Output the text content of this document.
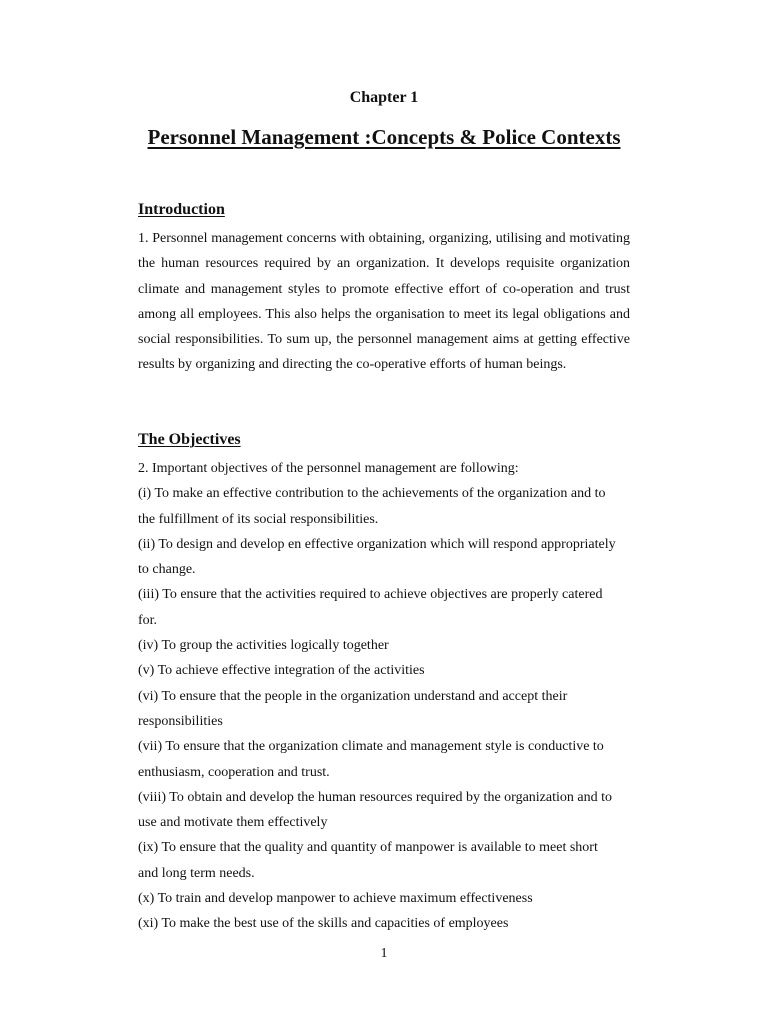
Chapter 1
Personnel Management :Concepts & Police Contexts
Introduction
1. Personnel management concerns with obtaining, organizing, utilising and motivating the human resources required by an organization. It develops requisite organization climate and management styles to promote effective effort of co-operation and trust among all employees. This also helps the organisation to meet its legal obligations and social responsibilities. To sum up, the personnel management aims at getting effective results by organizing and directing the co-operative efforts of human beings.
The Objectives
2. Important objectives of the personnel management are following:
(i) To make an effective contribution to the achievements of the organization and to
the fulfillment of its social responsibilities.
(ii) To design and develop en effective organization which will respond appropriately
to change.
(iii) To ensure that the activities required to achieve objectives are properly catered
for.
(iv) To group the activities logically together
(v) To achieve effective integration of the activities
(vi) To ensure that the people in the organization understand and accept their
responsibilities
(vii) To ensure that the organization climate and management style is conductive to
enthusiasm, cooperation and trust.
(viii) To obtain and develop the human resources required by the organization and to
use and motivate them effectively
(ix) To ensure that the quality and quantity of manpower is available to meet short
and long term needs.
(x) To train and develop manpower to achieve maximum effectiveness
(xi) To make the best use of the skills and capacities of employees
1
